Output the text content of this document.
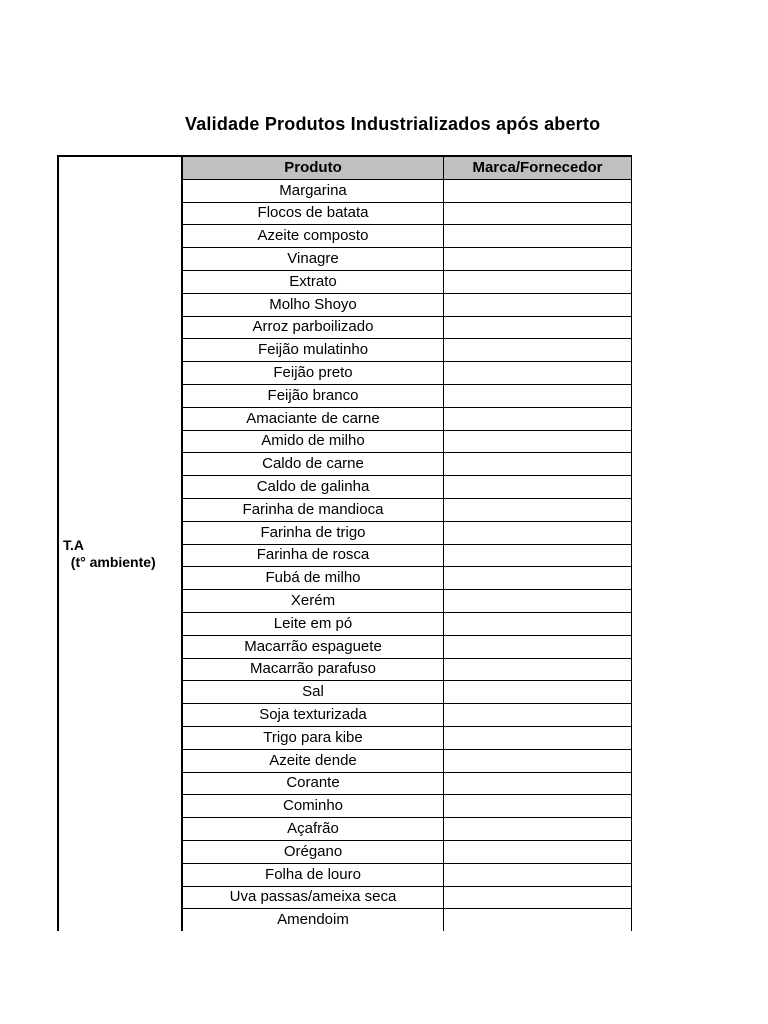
Validade Produtos Industrializados após aberto
T.A
(t° ambiente)
Produto	Marca/Fornecedor
Margarina	
Flocos de batata	
Azeite composto	
Vinagre	
Extrato	
Molho Shoyo	
Arroz parboilizado	
Feijão mulatinho	
Feijão preto	
Feijão branco	
Amaciante de carne	
Amido de milho	
Caldo de carne	
Caldo de galinha	
Farinha de mandioca	
Farinha de trigo	
Farinha de rosca	
Fubá de milho	
Xerém	
Leite em pó	
Macarrão espaguete	
Macarrão parafuso	
Sal	
Soja texturizada	
Trigo para kibe	
Azeite dende	
Corante	
Cominho	
Açafrão	
Orégano	
Folha de louro	
Uva passas/ameixa seca	
Amendoim	
